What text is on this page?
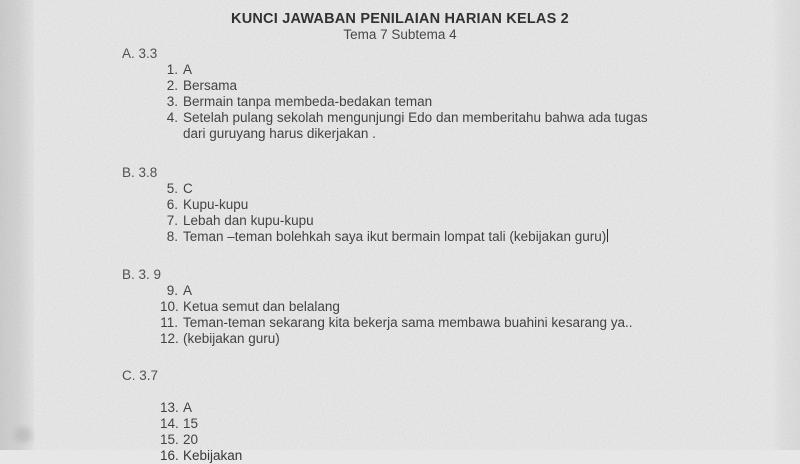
KUNCI JAWABAN PENILAIAN HARIAN KELAS 2
Tema 7 Subtema 4
A. 3.3
1. A
2. Bersama
3. Bermain tanpa membeda-bedakan teman
4. Setelah pulang sekolah mengunjungi Edo dan memberitahu bahwa ada tugas dari guruyang harus dikerjakan .
B. 3.8
5. C
6. Kupu-kupu
7. Lebah dan kupu-kupu
8. Teman –teman bolehkah saya ikut bermain lompat tali (kebijakan guru)
B. 3. 9
9. A
10. Ketua semut dan belalang
11. Teman-teman sekarang kita bekerja sama membawa buahini kesarang ya..
12. (kebijakan guru)
C. 3.7
13. A
14. 15
15. 20
16. Kebijakan
